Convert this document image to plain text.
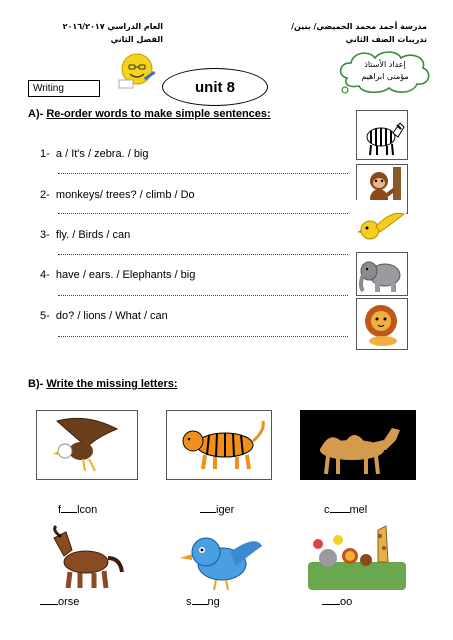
مدرسة أحمد محمد الحميضي/ بنين/
تدريبات الصف الثاني
العام الدراسي ٢٠١٦/٢٠١٧
الفصل الثاني
إعداد الأستاذ
مؤمنى ابراهيم
Writing	unit 8
A)- Re-order words to make simple sentences:
1- a / It's / zebra. / big
2- monkeys/ trees? / climb / Do
3- fly. / Birds / can
4- have / ears. / Elephants / big
5- do? / lions / What / can
B)- Write the missing letters:
f lcon	iger	c mel
orse	s ng	oo
